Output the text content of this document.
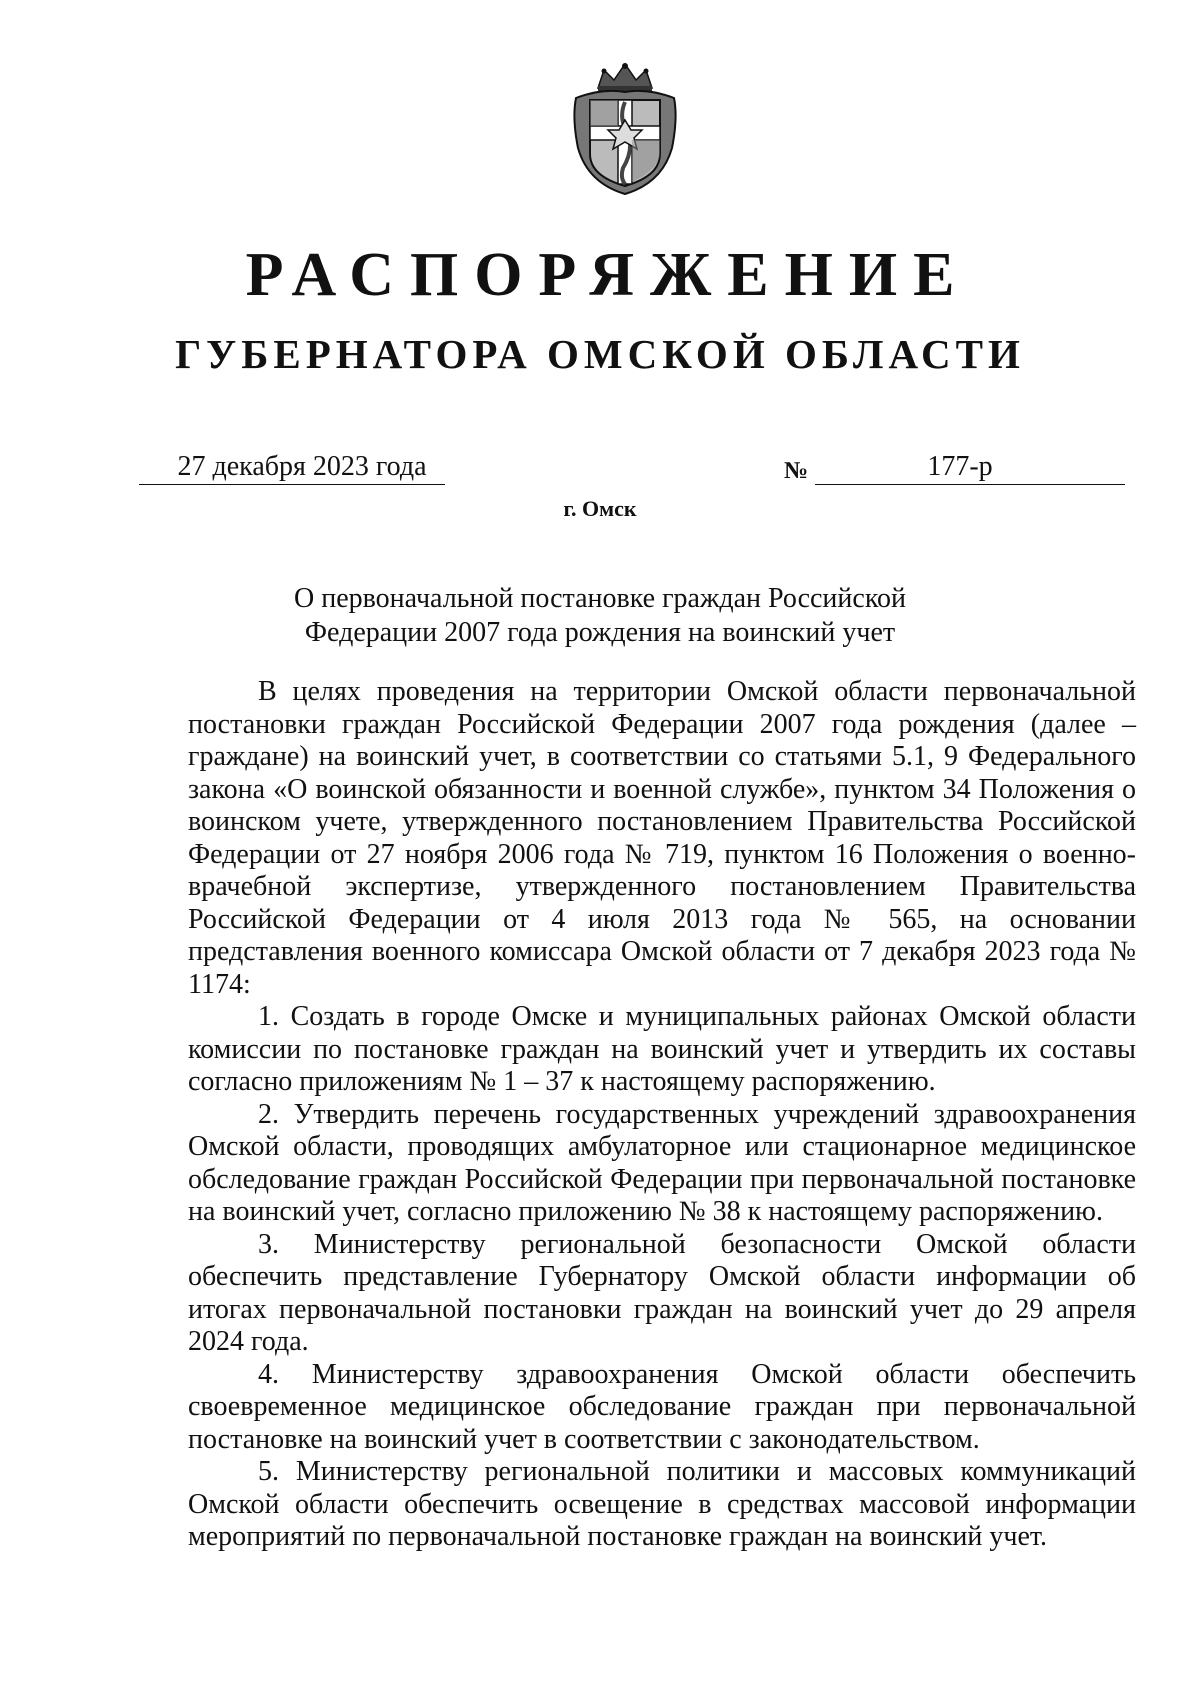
РАСПОРЯЖЕНИЕ
ГУБЕРНАТОРА ОМСКОЙ ОБЛАСТИ
27 декабря 2023 года	№	177-р
г. Омск
О первоначальной постановке граждан Российской
Федерации 2007 года рождения на воинский учет

В целях проведения на территории Омской области первоначальной постановки граждан Российской Федерации 2007 года рождения (далее – граждане) на воинский учет, в соответствии со статьями 5.1, 9 Федерального закона «О воинской обязанности и военной службе», пунктом 34 Положения о воинском учете, утвержденного постановлением Правительства Российской Федерации от 27 ноября 2006 года № 719, пунктом 16 Положения о военно-врачебной экспертизе, утвержденного постановлением Правительства Российской Федерации от 4 июля 2013 года № 565, на основании представления военного комиссара Омской области от 7 декабря 2023 года № 1174:

1. Создать в городе Омске и муниципальных районах Омской области комиссии по постановке граждан на воинский учет и утвердить их составы согласно приложениям № 1 – 37 к настоящему распоряжению.

2. Утвердить перечень государственных учреждений здравоохранения Омской области, проводящих амбулаторное или стационарное медицинское обследование граждан Российской Федерации при первоначальной постановке на воинский учет, согласно приложению № 38 к настоящему распоряжению.

3. Министерству региональной безопасности Омской области обеспечить представление Губернатору Омской области информации об итогах первоначальной постановки граждан на воинский учет до 29 апреля 2024 года.

4. Министерству здравоохранения Омской области обеспечить своевременное медицинское обследование граждан при первоначальной постановке на воинский учет в соответствии с законодательством.

5. Министерству региональной политики и массовых коммуникаций Омской области обеспечить освещение в средствах массовой информации мероприятий по первоначальной постановке граждан на воинский учет.
